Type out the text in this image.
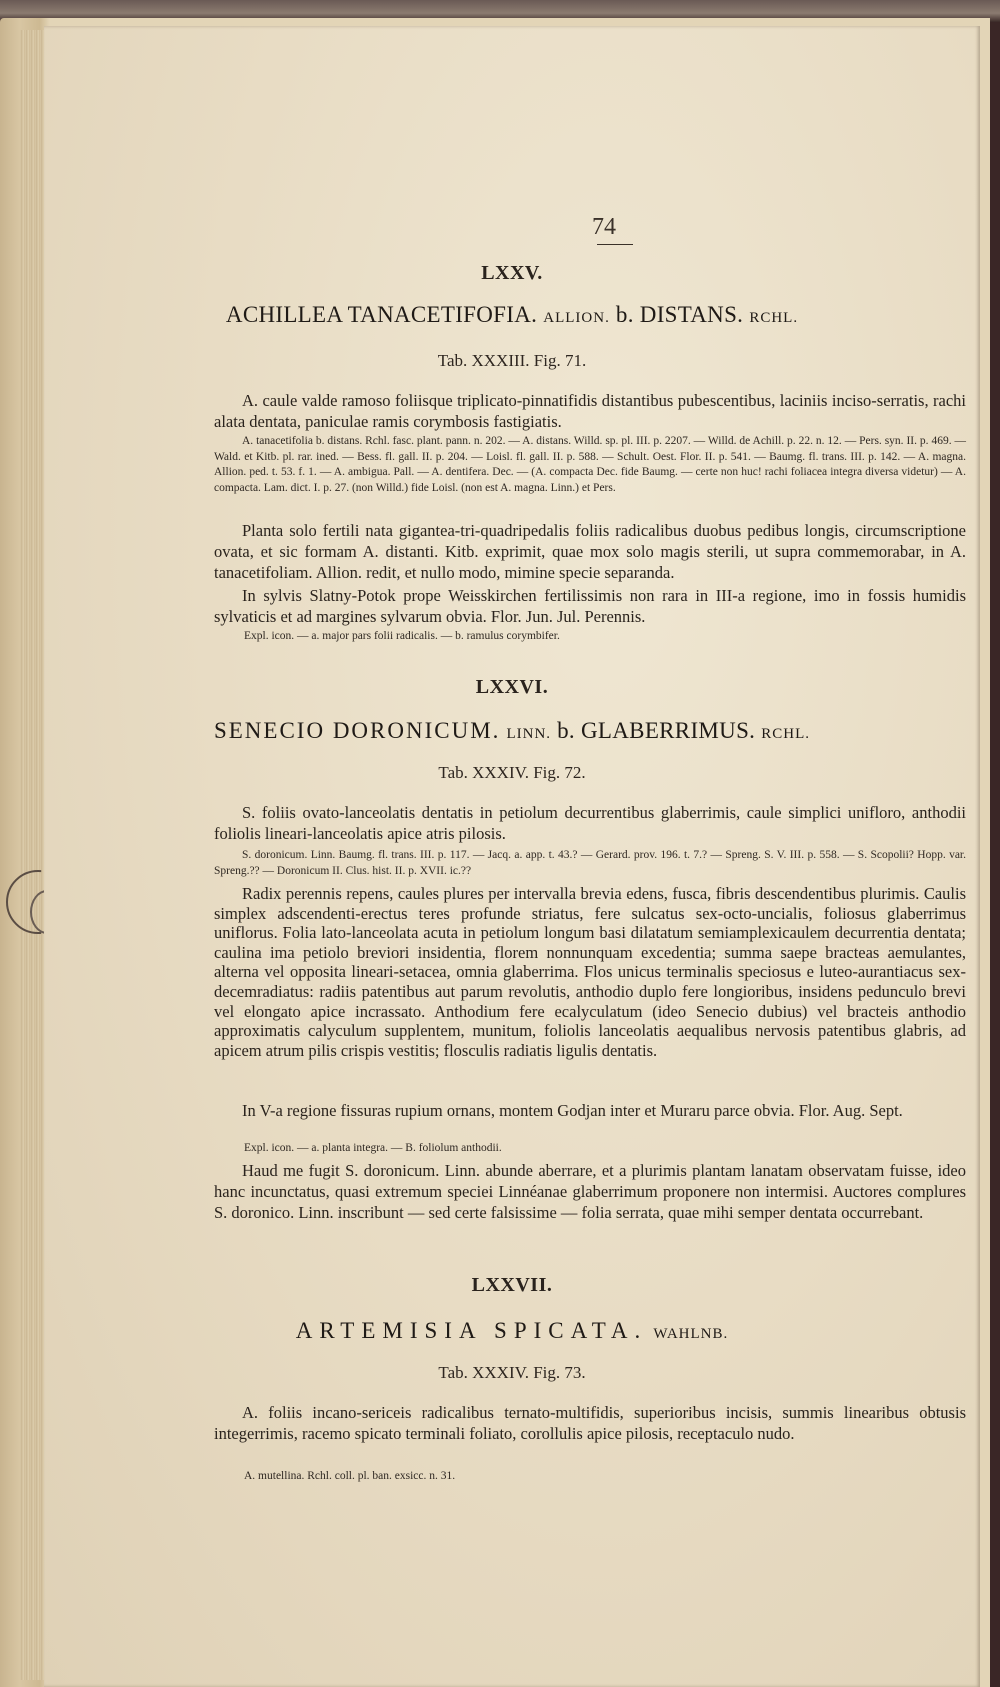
74
LXXV.
ACHILLEA TANACETIFOFIA. ALLION. b. DISTANS. RCHL.
Tab. XXXIII. Fig. 71.
A. caule valde ramoso foliisque triplicato-pinnatifidis distantibus pubescentibus, laciniis inciso-serratis, rachi alata dentata, paniculae ramis corymbosis fastigiatis.
A. tanacetifolia b. distans. Rchl. fasc. plant. pann. n. 202. — A. distans. Willd. sp. pl. III. p. 2207. — Willd. de Achill. p. 22. n. 12. — Pers. syn. II. p. 469. — Wald. et Kitb. pl. rar. ined. — Bess. fl. gall. II. p. 204. — Loisl. fl. gall. II. p. 588. — Schult. Oest. Flor. II. p. 541. — Baumg. fl. trans. III. p. 142. — A. magna. Allion. ped. t. 53. f. 1. — A. ambigua. Pall. — A. dentifera. Dec. — (A. compacta Dec. fide Baumg. — certe non huc! rachi foliacea integra diversa videtur) — A. compacta. Lam. dict. I. p. 27. (non Willd.) fide Loisl. (non est A. magna. Linn.) et Pers.
Planta solo fertili nata gigantea-tri-quadripedalis foliis radicalibus duobus pedibus longis, circumscriptione ovata, et sic formam A. distanti. Kitb. exprimit, quae mox solo magis sterili, ut supra commemorabar, in A. tanacetifoliam. Allion. redit, et nullo modo, mimine specie separanda.
In sylvis Slatny-Potok prope Weisskirchen fertilissimis non rara in III-a regione, imo in fossis humidis sylvaticis et ad margines sylvarum obvia. Flor. Jun. Jul. Perennis.
Expl. icon. — a. major pars folii radicalis. — b. ramulus corymbifer.
LXXVI.
SENECIO DORONICUM. LINN. b. GLABERRIMUS. RCHL.
Tab. XXXIV. Fig. 72.
S. foliis ovato-lanceolatis dentatis in petiolum decurrentibus glaberrimis, caule simplici unifloro, anthodii foliolis lineari-lanceolatis apice atris pilosis.
S. doronicum. Linn. Baumg. fl. trans. III. p. 117. — Jacq. a. app. t. 43.? — Gerard. prov. 196. t. 7.? — Spreng. S. V. III. p. 558. — S. Scopolii? Hopp. var. Spreng.?? — Doronicum II. Clus. hist. II. p. XVII. ic.??
Radix perennis repens, caules plures per intervalla brevia edens, fusca, fibris descendentibus plurimis. Caulis simplex adscendenti-erectus teres profunde striatus, fere sulcatus sex-octo-uncialis, foliosus glaberrimus uniflorus. Folia lato-lanceolata acuta in petiolum longum basi dilatatum semiamplexicaulem decurrentia dentata; caulina ima petiolo breviori insidentia, florem nonnunquam excedentia; summa saepe bracteas aemulantes, alterna vel opposita lineari-setacea, omnia glaberrima. Flos unicus terminalis speciosus e luteo-aurantiacus sex-decemradiatus: radiis patentibus aut parum revolutis, anthodio duplo fere longioribus, insidens pedunculo brevi vel elongato apice incrassato. Anthodium fere ecalyculatum (ideo Senecio dubius) vel bracteis anthodio approximatis calyculum supplentem, munitum, foliolis lanceolatis aequalibus nervosis patentibus glabris, ad apicem atrum pilis crispis vestitis; flosculis radiatis ligulis dentatis.
In V-a regione fissuras rupium ornans, montem Godjan inter et Muraru parce obvia. Flor. Aug. Sept.
Expl. icon. — a. planta integra. — B. foliolum anthodii.
Haud me fugit S. doronicum. Linn. abunde aberrare, et a plurimis plantam lanatam observatam fuisse, ideo hanc incunctatus, quasi extremum speciei Linnéanae glaberrimum proponere non intermisi. Auctores complures S. doronico. Linn. inscribunt — sed certe falsissime — folia serrata, quae mihi semper dentata occurrebant.
LXXVII.
ARTEMISIA SPICATA. WAHLNB.
Tab. XXXIV. Fig. 73.
A. foliis incano-sericeis radicalibus ternato-multifidis, superioribus incisis, summis linearibus obtusis integerrimis, racemo spicato terminali foliato, corollulis apice pilosis, receptaculo nudo.
A. mutellina. Rchl. coll. pl. ban. exsicc. n. 31.
